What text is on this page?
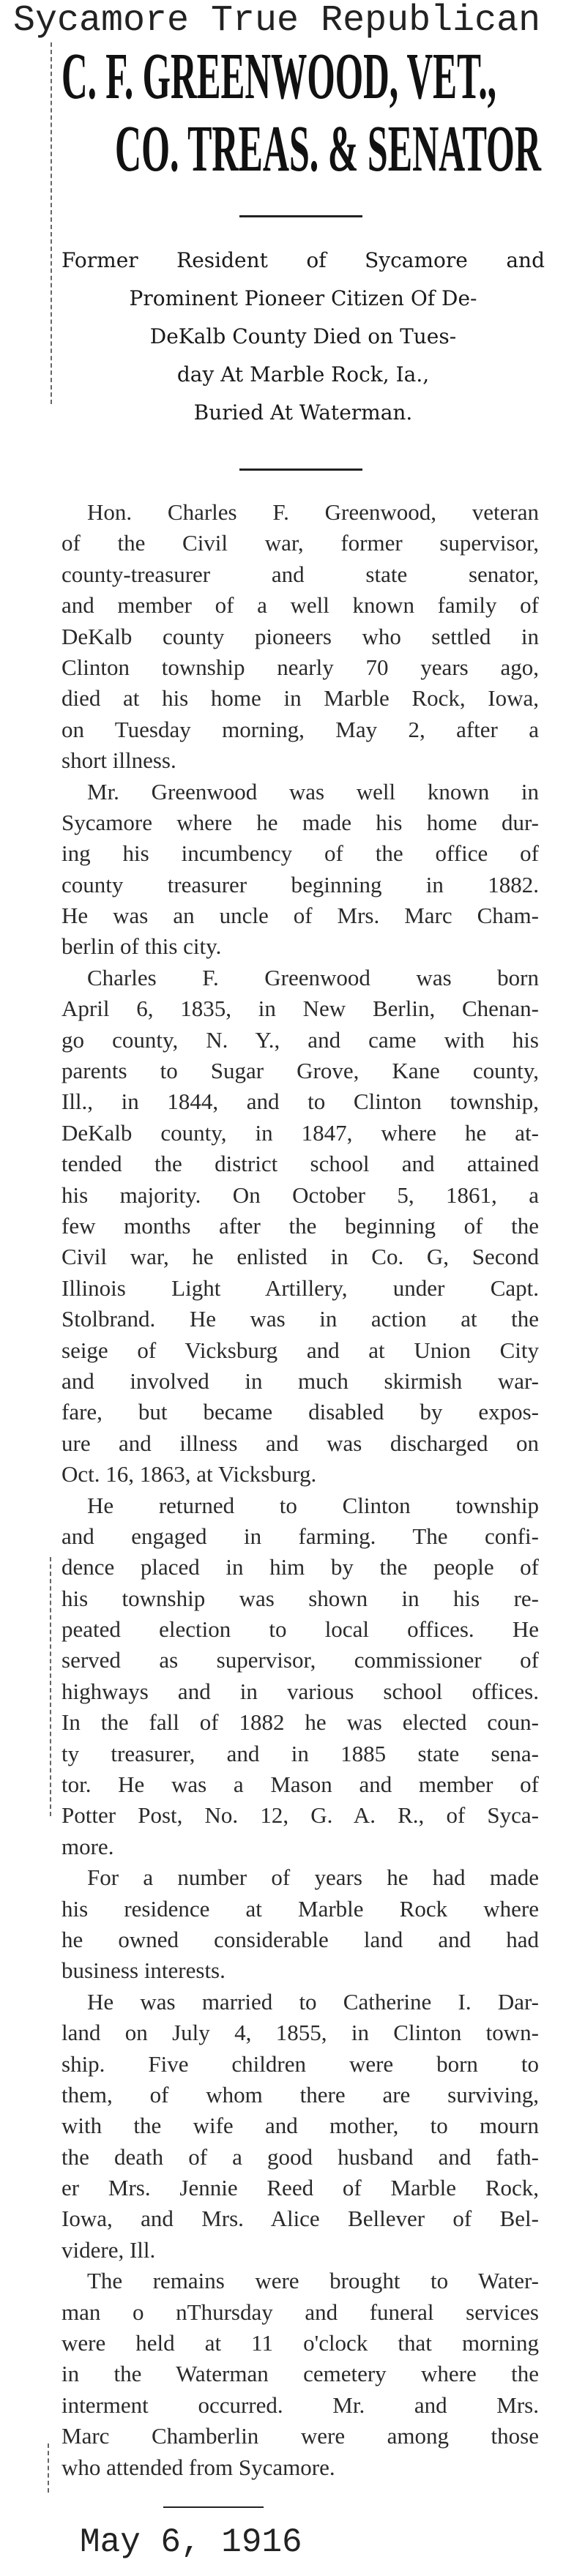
Sycamore True Republican
C. F. GREENWOOD, VET.,
CO. TREAS. & SENATOR
Former Resident of Sycamore and
Prominent Pioneer Citizen Of De-
DeKalb County Died on Tues-
day At Marble Rock, Ia.,
Buried At Waterman.
Hon. Charles F. Greenwood, veteran
of the Civil war, former supervisor,
county-treasurer and state senator,
and member of a well known family of
DeKalb county pioneers who settled in
Clinton township nearly 70 years ago,
died at his home in Marble Rock, Iowa,
on Tuesday morning, May 2, after a
short illness.
Mr. Greenwood was well known in
Sycamore where he made his home dur-
ing his incumbency of the office of
county treasurer beginning in 1882.
He was an uncle of Mrs. Marc Cham-
berlin of this city.
Charles F. Greenwood was born
April 6, 1835, in New Berlin, Chenan-
go county, N. Y., and came with his
parents to Sugar Grove, Kane county,
Ill., in 1844, and to Clinton township,
DeKalb county, in 1847, where he at-
tended the district school and attained
his majority. On October 5, 1861, a
few months after the beginning of the
Civil war, he enlisted in Co. G, Second
Illinois Light Artillery, under Capt.
Stolbrand. He was in action at the
seige of Vicksburg and at Union City
and involved in much skirmish war-
fare, but became disabled by expos-
ure and illness and was discharged on
Oct. 16, 1863, at Vicksburg.
He returned to Clinton township
and engaged in farming. The confi-
dence placed in him by the people of
his township was shown in his re-
peated election to local offices. He
served as supervisor, commissioner of
highways and in various school offices.
In the fall of 1882 he was elected coun-
ty treasurer, and in 1885 state sena-
tor. He was a Mason and member of
Potter Post, No. 12, G. A. R., of Syca-
more.
For a number of years he had made
his residence at Marble Rock where
he owned considerable land and had
business interests.
He was married to Catherine I. Dar-
land on July 4, 1855, in Clinton town-
ship. Five children were born to
them, of whom there are surviving,
with the wife and mother, to mourn
the death of a good husband and fath-
er Mrs. Jennie Reed of Marble Rock,
Iowa, and Mrs. Alice Bellever of Bel-
videre, Ill.
The remains were brought to Water-
man o nThursday and funeral services
were held at 11 o'clock that morning
in the Waterman cemetery where the
interment occurred. Mr. and Mrs.
Marc Chamberlin were among those
who attended from Sycamore.
May 6, 1916
